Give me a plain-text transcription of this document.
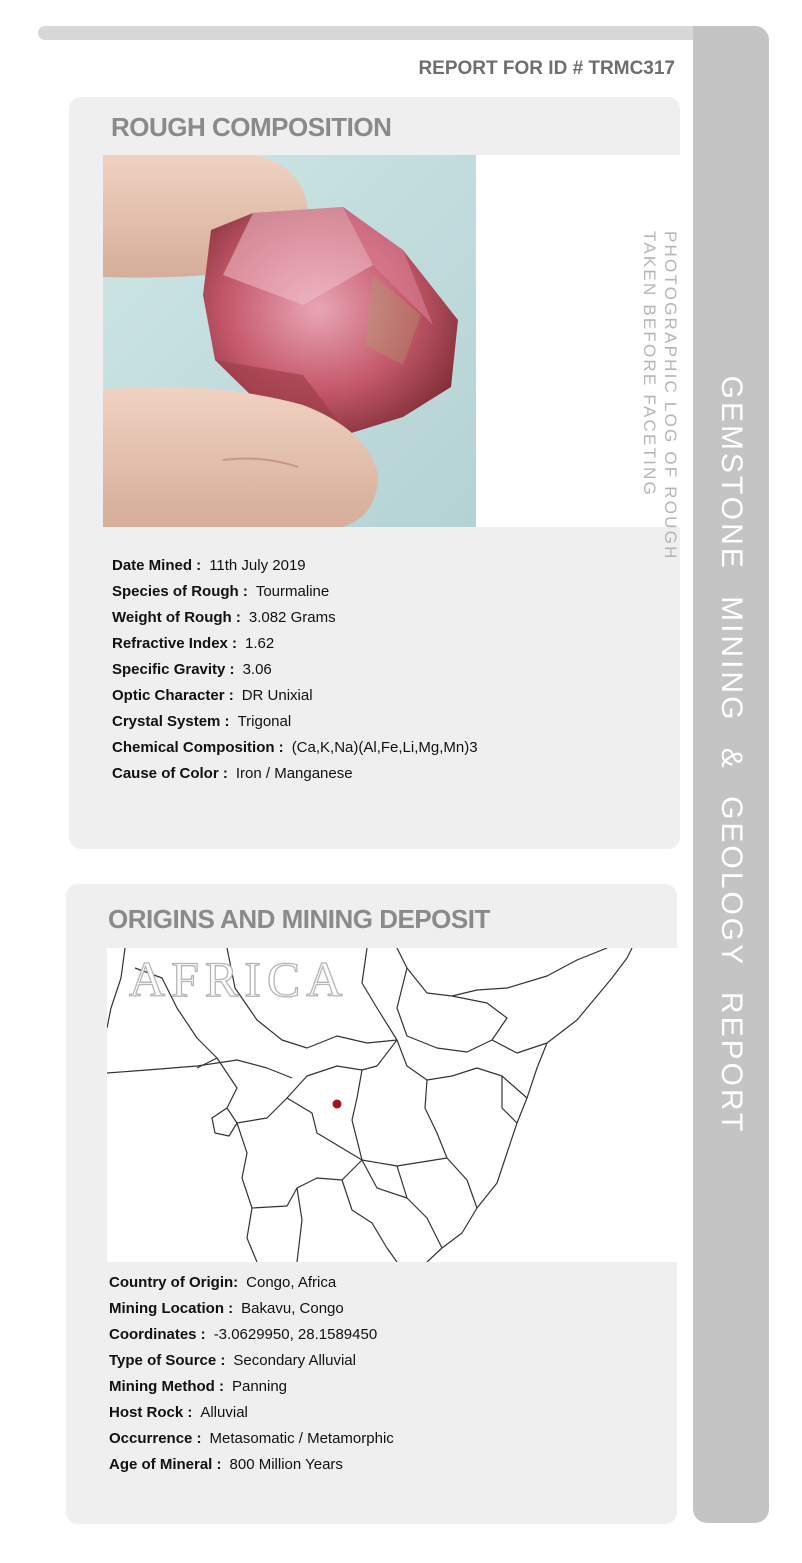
GEMSTONE MINING & GEOLOGY REPORT
REPORT FOR ID # TRMC317
ROUGH COMPOSITION
PHOTOGRAPHIC LOG OF ROUGH
TAKEN BEFORE FACETING
Date Mined : 11th July 2019
Species of Rough : Tourmaline
Weight of Rough : 3.082 Grams
Refractive Index : 1.62
Specific Gravity : 3.06
Optic Character : DR Unixial
Crystal System : Trigonal
Chemical Composition : (Ca,K,Na)(Al,Fe,Li,Mg,Mn)3
Cause of Color : Iron / Manganese
ORIGINS AND MINING DEPOSIT
AFRICA
Country of Origin: Congo, Africa
Mining Location : Bakavu, Congo
Coordinates : -3.0629950, 28.1589450
Type of Source : Secondary Alluvial
Mining Method : Panning
Host Rock : Alluvial
Occurrence : Metasomatic / Metamorphic
Age of Mineral : 800 Million Years
